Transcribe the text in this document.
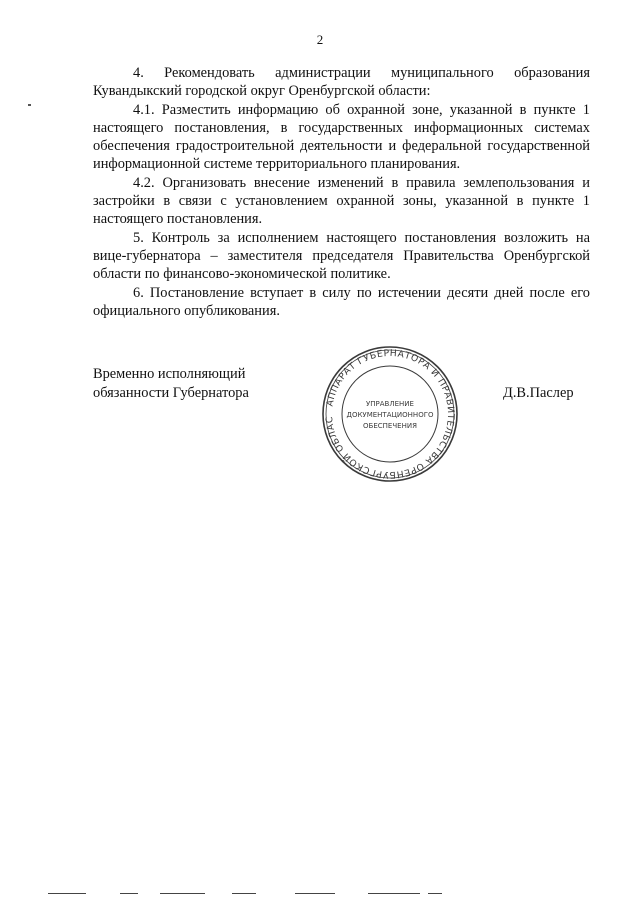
2

4. Рекомендовать администрации муниципального образования Кувандыкский городской округ Оренбургской области:

4.1. Разместить информацию об охранной зоне, указанной в пункте 1 настоящего постановления, в государственных информационных системах обеспечения градостроительной деятельности и федеральной государственной информационной системе территориального планирования.

4.2. Организовать внесение изменений в правила землепользования и застройки в связи с установлением охранной зоны, указанной в пункте 1 настоящего постановления.

5. Контроль за исполнением настоящего постановления возложить на вице-губернатора – заместителя председателя Правительства Оренбургской области по финансово-экономической политике.

6. Постановление вступает в силу по истечении десяти дней после его официального опубликования.

Временно исполняющий
обязанности Губернатора
АППАРАТ ГУБЕРНАТОРА И ПРАВИТЕЛЬСТВА ОРЕНБУРГСКОЙ ОБЛАС
УПРАВЛЕНИЕ
ДОКУМЕНТАЦИОННОГО
ОБЕСПЕЧЕНИЯ
Д.В.Паслер
